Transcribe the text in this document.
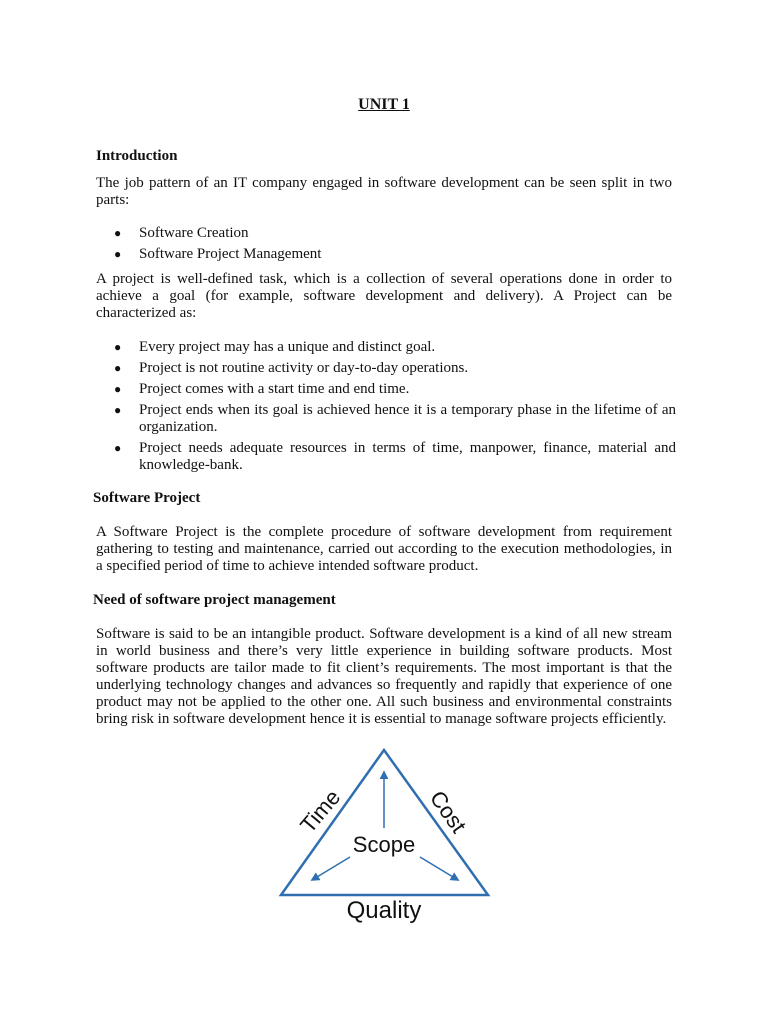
UNIT 1
Introduction

The job pattern of an IT company engaged in software development can be seen split in two parts:

● Software Creation
● Software Project Management

A project is well-defined task, which is a collection of several operations done in order to achieve a goal (for example, software development and delivery). A Project can be characterized as:

● Every project may has a unique and distinct goal.
● Project is not routine activity or day-to-day operations.
● Project comes with a start time and end time.
● Project ends when its goal is achieved hence it is a temporary phase in the lifetime of an organization.
● Project needs adequate resources in terms of time, manpower, finance, material and knowledge-bank.
Software Project

A Software Project is the complete procedure of software development from requirement gathering to testing and maintenance, carried out according to the execution methodologies, in a specified period of time to achieve intended software product.

Need of software project management

Software is said to be an intangible product. Software development is a kind of all new stream in world business and there’s very little experience in building software products. Most software products are tailor made to fit client’s requirements. The most important is that the underlying technology changes and advances so frequently and rapidly that experience of one product may not be applied to the other one. All such business and environmental constraints bring risk in software development hence it is essential to manage software projects efficiently.

Scope
Time	Cost
Quality
